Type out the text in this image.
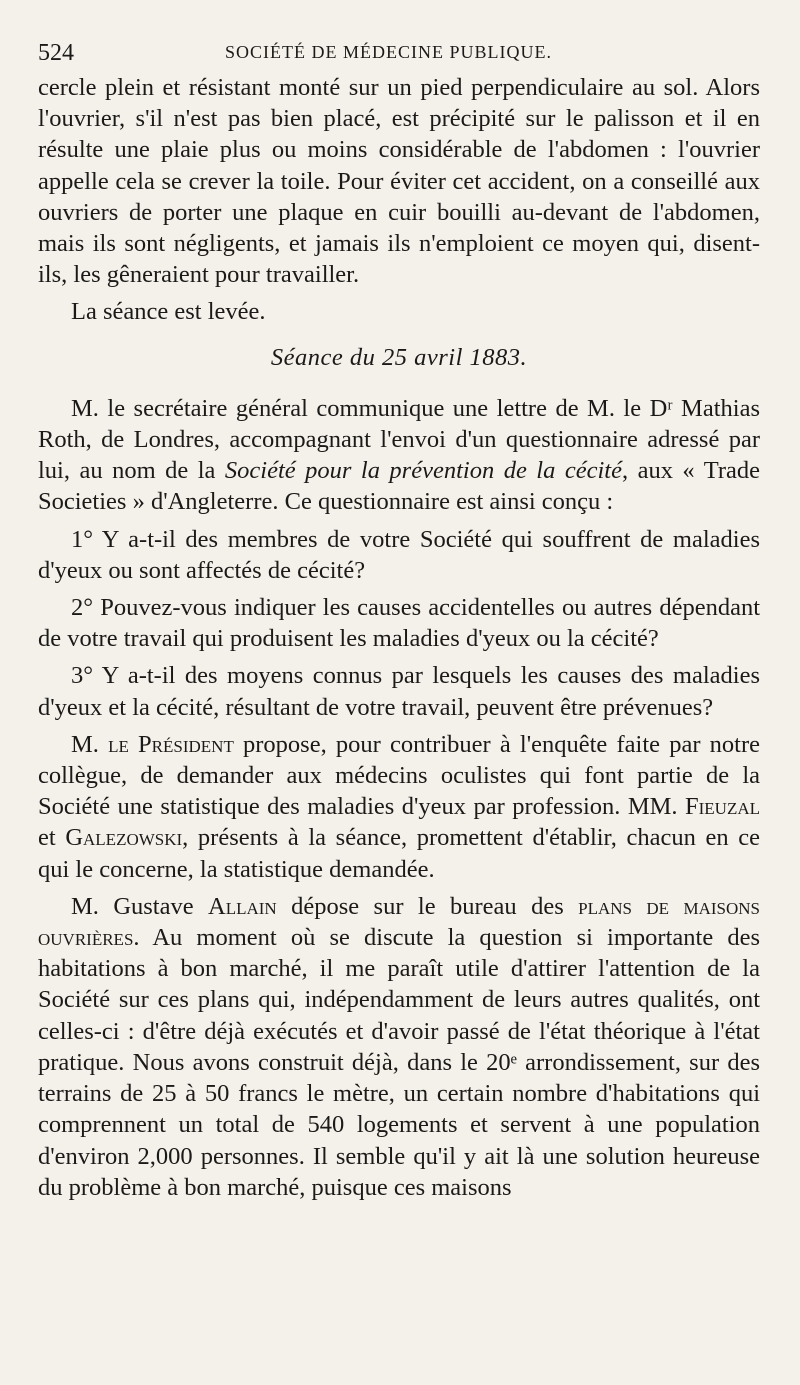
524	SOCIÉTÉ DE MÉDECINE PUBLIQUE.

cercle plein et résistant monté sur un pied perpendiculaire au sol. Alors l'ouvrier, s'il n'est pas bien placé, est précipité sur le palisson et il en résulte une plaie plus ou moins considérable de l'abdomen : l'ouvrier appelle cela se crever la toile. Pour éviter cet accident, on a conseillé aux ouvriers de porter une plaque en cuir bouilli au-devant de l'abdomen, mais ils sont négligents, et jamais ils n'emploient ce moyen qui, disent-ils, les gêneraient pour travailler.

La séance est levée.

Séance du 25 avril 1883.

M. le secrétaire général communique une lettre de M. le Dʳ Mathias Roth, de Londres, accompagnant l'envoi d'un questionnaire adressé par lui, au nom de la Société pour la prévention de la cécité, aux « Trade Societies » d'Angleterre. Ce questionnaire est ainsi conçu :

1° Y a-t-il des membres de votre Société qui souffrent de maladies d'yeux ou sont affectés de cécité?

2° Pouvez-vous indiquer les causes accidentelles ou autres dépendant de votre travail qui produisent les maladies d'yeux ou la cécité?

3° Y a-t-il des moyens connus par lesquels les causes des maladies d'yeux et la cécité, résultant de votre travail, peuvent être prévenues?

M. le Président propose, pour contribuer à l'enquête faite par notre collègue, de demander aux médecins oculistes qui font partie de la Société une statistique des maladies d'yeux par profession. MM. Fieuzal et Galezowski, présents à la séance, promettent d'établir, chacun en ce qui le concerne, la statistique demandée.

M. Gustave Allain dépose sur le bureau des plans de maisons ouvrières. Au moment où se discute la question si importante des habitations à bon marché, il me paraît utile d'attirer l'attention de la Société sur ces plans qui, indépendamment de leurs autres qualités, ont celles-ci : d'être déjà exécutés et d'avoir passé de l'état théorique à l'état pratique. Nous avons construit déjà, dans le 20ᵉ arrondissement, sur des terrains de 25 à 50 francs le mètre, un certain nombre d'habitations qui comprennent un total de 540 logements et servent à une population d'environ 2,000 personnes. Il semble qu'il y ait là une solution heureuse du problème à bon marché, puisque ces maisons
